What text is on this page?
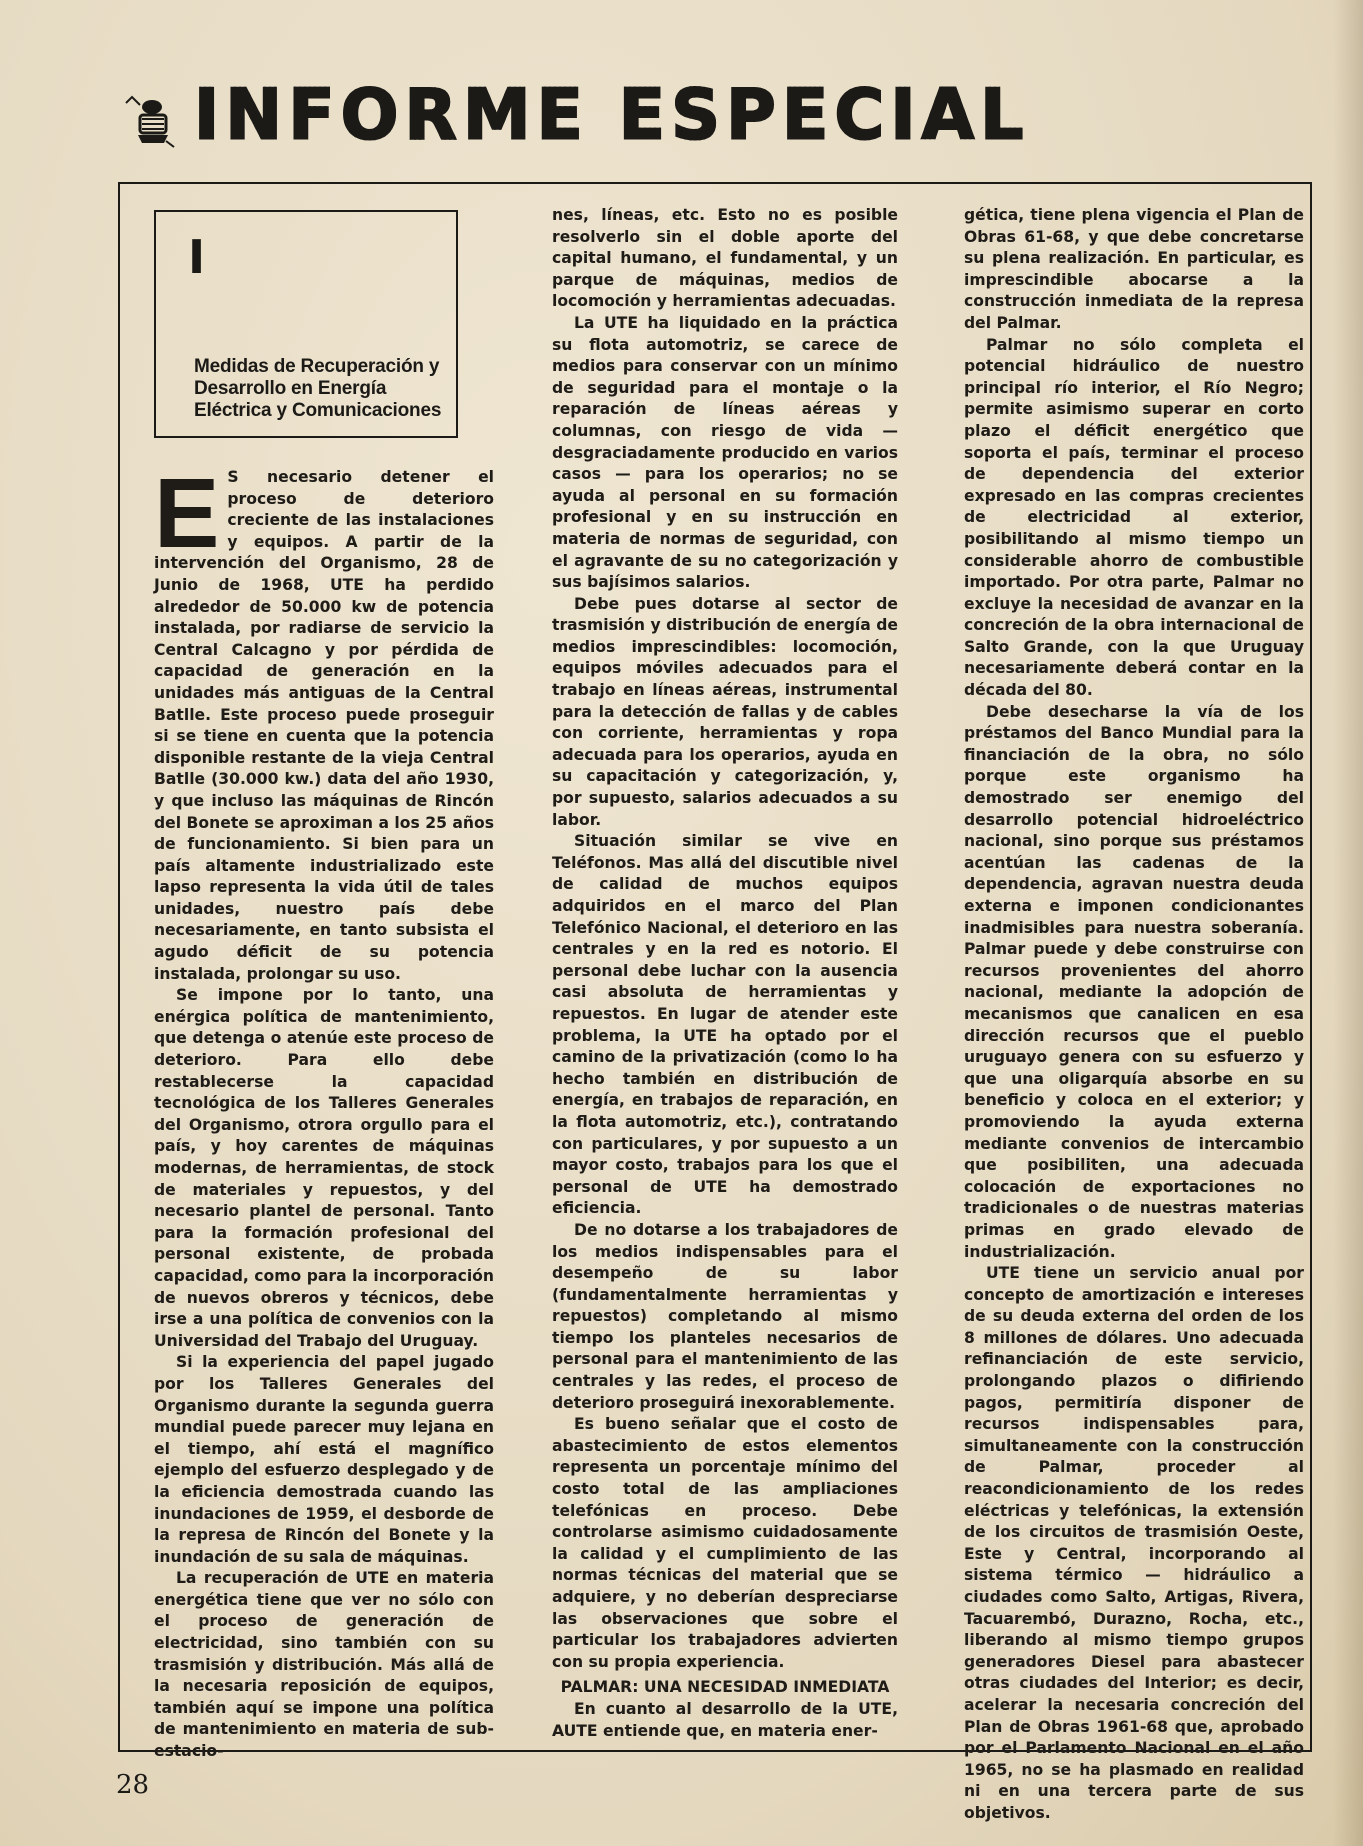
INFORME ESPECIAL
I
Medidas de Recuperación y Desarrollo en Energía Eléctrica y Comunicaciones
E S necesario detener el proceso de deterioro creciente de las instalaciones y equipos. A partir de la intervención del Organismo, 28 de Junio de 1968, UTE ha perdido alrededor de 50.000 kw de potencia instalada, por radiarse de servicio la Central Calcagno y por pérdida de capacidad de generación en la unidades más antiguas de la Central Batlle. Este proceso puede proseguir si se tiene en cuenta que la potencia disponible restante de la vieja Central Batlle (30.000 kw.) data del año 1930, y que incluso las máquinas de Rincón del Bonete se aproximan a los 25 años de funcionamiento. Si bien para un país altamente industrializado este lapso representa la vida útil de tales unidades, nuestro país debe necesariamente, en tanto subsista el agudo déficit de su potencia instalada, prolongar su uso.

Se impone por lo tanto, una enérgica política de mantenimiento, que detenga o atenúe este proceso de deterioro. Para ello debe restablecerse la capacidad tecnológica de los Talleres Generales del Organismo, otrora orgullo para el país, y hoy carentes de máquinas modernas, de herramientas, de stock de materiales y repuestos, y del necesario plantel de personal. Tanto para la formación profesional del personal existente, de probada capacidad, como para la incorporación de nuevos obreros y técnicos, debe irse a una política de convenios con la Universidad del Trabajo del Uruguay.

Si la experiencia del papel jugado por los Talleres Generales del Organismo durante la segunda guerra mundial puede parecer muy lejana en el tiempo, ahí está el magnífico ejemplo del esfuerzo desplegado y de la eficiencia demostrada cuando las inundaciones de 1959, el desborde de la represa de Rincón del Bonete y la inundación de su sala de máquinas.

La recuperación de UTE en materia energética tiene que ver no sólo con el proceso de generación de electricidad, sino también con su trasmisión y distribución. Más allá de la necesaria reposición de equipos, también aquí se impone una política de mantenimiento en materia de sub-estacio-

nes, líneas, etc. Esto no es posible resolverlo sin el doble aporte del capital humano, el fundamental, y un parque de máquinas, medios de locomoción y herramientas adecuadas.

La UTE ha liquidado en la práctica su flota automotriz, se carece de medios para conservar con un mínimo de seguridad para el montaje o la reparación de líneas aéreas y columnas, con riesgo de vida — desgraciadamente producido en varios casos — para los operarios; no se ayuda al personal en su formación profesional y en su instrucción en materia de normas de seguridad, con el agravante de su no categorización y sus bajísimos salarios.

Debe pues dotarse al sector de trasmisión y distribución de energía de medios imprescindibles: locomoción, equipos móviles adecuados para el trabajo en líneas aéreas, instrumental para la detección de fallas y de cables con corriente, herramientas y ropa adecuada para los operarios, ayuda en su capacitación y categorización, y, por supuesto, salarios adecuados a su labor.

Situación similar se vive en Teléfonos. Mas allá del discutible nivel de calidad de muchos equipos adquiridos en el marco del Plan Telefónico Nacional, el deterioro en las centrales y en la red es notorio. El personal debe luchar con la ausencia casi absoluta de herramientas y repuestos. En lugar de atender este problema, la UTE ha optado por el camino de la privatización (como lo ha hecho también en distribución de energía, en trabajos de reparación, en la flota automotriz, etc.), contratando con particulares, y por supuesto a un mayor costo, trabajos para los que el personal de UTE ha demostrado eficiencia.

De no dotarse a los trabajadores de los medios indispensables para el desempeño de su labor (fundamentalmente herramientas y repuestos) completando al mismo tiempo los planteles necesarios de personal para el mantenimiento de las centrales y las redes, el proceso de deterioro proseguirá inexorablemente.

Es bueno señalar que el costo de abastecimiento de estos elementos representa un porcentaje mínimo del costo total de las ampliaciones telefónicas en proceso. Debe controlarse asimismo cuidadosamente la calidad y el cumplimiento de las normas técnicas del material que se adquiere, y no deberían despreciarse las observaciones que sobre el particular los trabajadores advierten con su propia experiencia.

PALMAR: UNA NECESIDAD INMEDIATA

En cuanto al desarrollo de la UTE, AUTE entiende que, en materia ener-

gética, tiene plena vigencia el Plan de Obras 61-68, y que debe concretarse su plena realización. En particular, es imprescindible abocarse a la construcción inmediata de la represa del Palmar.

Palmar no sólo completa el potencial hidráulico de nuestro principal río interior, el Río Negro; permite asimismo superar en corto plazo el déficit energético que soporta el país, terminar el proceso de dependencia del exterior expresado en las compras crecientes de electricidad al exterior, posibilitando al mismo tiempo un considerable ahorro de combustible importado. Por otra parte, Palmar no excluye la necesidad de avanzar en la concreción de la obra internacional de Salto Grande, con la que Uruguay necesariamente deberá contar en la década del 80.

Debe desecharse la vía de los préstamos del Banco Mundial para la financiación de la obra, no sólo porque este organismo ha demostrado ser enemigo del desarrollo potencial hidroeléctrico nacional, sino porque sus préstamos acentúan las cadenas de la dependencia, agravan nuestra deuda externa e imponen condicionantes inadmisibles para nuestra soberanía. Palmar puede y debe construirse con recursos provenientes del ahorro nacional, mediante la adopción de mecanismos que canalicen en esa dirección recursos que el pueblo uruguayo genera con su esfuerzo y que una oligarquía absorbe en su beneficio y coloca en el exterior; y promoviendo la ayuda externa mediante convenios de intercambio que posibiliten, una adecuada colocación de exportaciones no tradicionales o de nuestras materias primas en grado elevado de industrialización.

UTE tiene un servicio anual por concepto de amortización e intereses de su deuda externa del orden de los 8 millones de dólares. Uno adecuada refinanciación de este servicio, prolongando plazos o difiriendo pagos, permitiría disponer de recursos indispensables para, simultaneamente con la construcción de Palmar, proceder al reacondicionamiento de los redes eléctricas y telefónicas, la extensión de los circuitos de trasmisión Oeste, Este y Central, incorporando al sistema térmico — hidráulico a ciudades como Salto, Artigas, Rivera, Tacuarembó, Durazno, Rocha, etc., liberando al mismo tiempo grupos generadores Diesel para abastecer otras ciudades del Interior; es decir, acelerar la necesaria concreción del Plan de Obras 1961-68 que, aprobado por el Parlamento Nacional en el año 1965, no se ha plasmado en realidad ni en una tercera parte de sus objetivos.

28
